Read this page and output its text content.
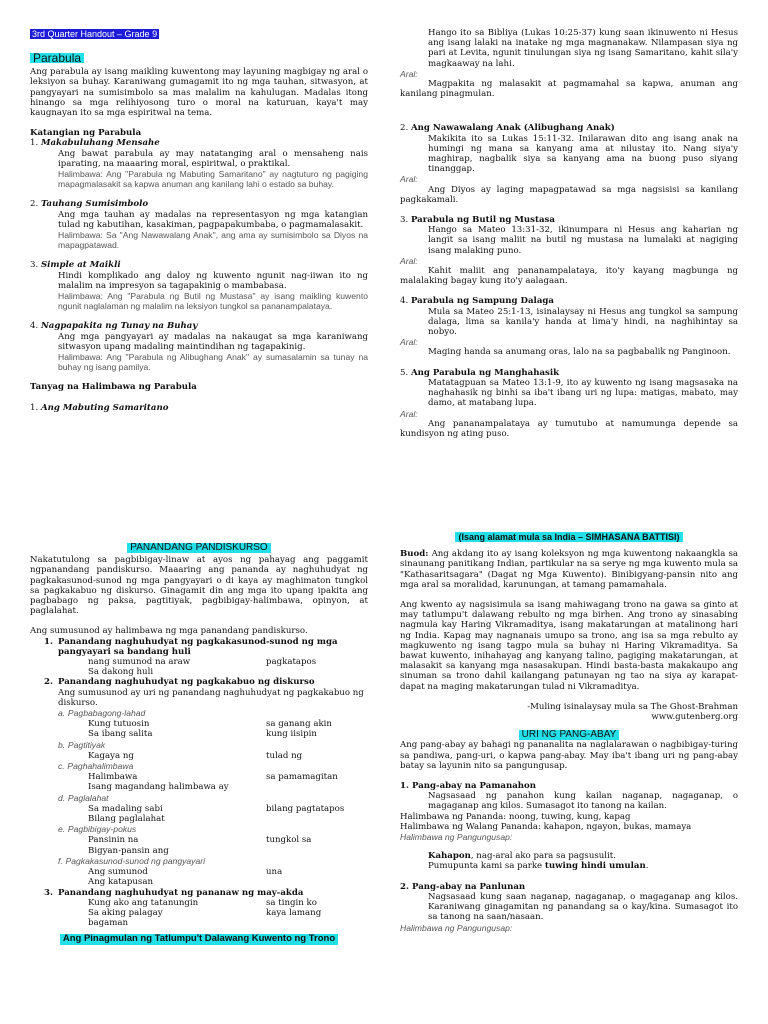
3rd Quarter Handout – Grade 9
Parabula

Ang parabula ay isang maikling kuwentong may layuning magbigay ng aral o leksiyon sa buhay. Karaniwang gumagamit ito ng mga tauhan, sitwasyon, at pangyayari na sumisimbolo sa mas malalim na kahulugan. Madalas itong hinango sa mga relihiyosong turo o moral na katuruan, kaya't may kaugnayan ito sa mga espiritwal na tema.

Katangian ng Parabula

1. Makabuluhang Mensahe

Ang bawat parabula ay may natatanging aral o mensaheng nais iparating, na maaaring moral, espiritwal, o praktikal.

Halimbawa: Ang "Parabula ng Mabuting Samaritano" ay nagtuturo ng pagiging mapagmalasakit sa kapwa anuman ang kanilang lahi o estado sa buhay.

2. Tauhang Sumisimbolo

Ang mga tauhan ay madalas na representasyon ng mga katangian tulad ng kabutihan, kasakiman, pagpapakumbaba, o pagmamalasakit.

Halimbawa: Sa "Ang Nawawalang Anak", ang ama ay sumisimbolo sa Diyos na mapagpatawad.

3. Simple at Maikli

Hindi komplikado ang daloy ng kuwento ngunit nag-iiwan ito ng malalim na impresyon sa tagapakinig o mambabasa.

Halimbawa: Ang "Parabula ng Butil ng Mustasa" ay isang maikling kuwento ngunit naglalaman ng malalim na leksiyon tungkol sa pananampalataya.

4. Nagpapakita ng Tunay na Buhay

Ang mga pangyayari ay madalas na nakaugat sa mga karaniwang sitwasyon upang madaling maintindihan ng tagapakinig.

Halimbawa: Ang "Parabula ng Alibughang Anak" ay sumasalamin sa tunay na buhay ng isang pamilya.

Tanyag na Halimbawa ng Parabula

1. Ang Mabuting Samaritano

Hango ito sa Bibliya (Lukas 10:25-37) kung saan ikinuwento ni Hesus ang isang lalaki na inatake ng mga magnanakaw. Nilampasan siya ng pari at Levita, ngunit tinulungan siya ng isang Samaritano, kahit sila'y magkaaway na lahi.

Aral:

Magpakita ng malasakit at pagmamahal sa kapwa, anuman ang kanilang pinagmulan.

2. Ang Nawawalang Anak (Alibughang Anak)

Makikita ito sa Lukas 15:11-32. Inilarawan dito ang isang anak na humingi ng mana sa kanyang ama at nilustay ito. Nang siya'y maghirap, nagbalik siya sa kanyang ama na buong puso siyang tinanggap.

Aral:

Ang Diyos ay laging mapagpatawad sa mga nagsisisi sa kanilang pagkakamali.

3. Parabula ng Butil ng Mustasa

Hango sa Mateo 13:31-32, ikinumpara ni Hesus ang kaharian ng langit sa isang maliit na butil ng mustasa na lumalaki at nagiging isang malaking puno.

Aral:

Kahit maliit ang pananampalataya, ito'y kayang magbunga ng malalaking bagay kung ito'y aalagaan.

4. Parabula ng Sampung Dalaga

Mula sa Mateo 25:1-13, isinalaysay ni Hesus ang tungkol sa sampung dalaga, lima sa kanila'y handa at lima'y hindi, na naghihintay sa nobyo.

Aral:

Maging handa sa anumang oras, lalo na sa pagbabalik ng Panginoon.

5. Ang Parabula ng Manghahasik

Matatagpuan sa Mateo 13:1-9, ito ay kuwento ng isang magsasaka na naghahasik ng binhi sa iba't ibang uri ng lupa: matigas, mabato, may damo, at matabang lupa.

Aral:

Ang pananampalataya ay tumutubo at namumunga depende sa kundisyon ng ating puso.

PANANDANG PANDISKURSO

Nakatutulong sa pagbibigay-linaw at ayos ng pahayag ang paggamit ngpanandang pandiskurso. Maaaring ang pananda ay naghuhudyat ng pagkakasunod-sunod ng mga pangyayari o di kaya ay maghimaton tungkol sa pagkakabuo ng diskurso. Ginagamit din ang mga ito upang ipakita ang pagbabago ng paksa, pagtitiyak, pagbibigay-halimbawa, opinyon, at paglalahat.

Ang sumusunod ay halimbawa ng mga panandang pandiskurso.

1. Panandang naghuhudyat ng pagkakasunod-sunod ng mga pangyayari sa bandang huli
nang sumunod na araw	pagkatapos
Sa dakong huli
2. Panandang naghuhudyat ng pagkakabuo ng diskurso

Ang sumusunod ay uri ng panandang naghuhudyat ng pagkakabuo ng diskurso.

a. Pagbabagong-lahad

Kung tutuosin	sa ganang akin
Sa ibang salita	kung iisipin

b. Pagtitiyak

Kagaya ng	tulad ng

c. Paghahalimbawa

Halimbawa	sa pamamagitan
Isang magandang halimbawa ay

d. Paglalahat

Sa madaling sabi	bilang pagtatapos
Bilang paglalahat

e. Pagbibigay-pokus

Pansinin na	tungkol sa
Bigyan-pansin ang

f. Pagkakasunod-sunod ng pangyayari

Ang sumunod	una
Ang katapusan
3. Panandang naghuhudyat ng pananaw ng may-akda
Kung ako ang tatanungin	sa tingin ko
Sa aking palagay	kaya lamang
bagaman
Ang Pinagmulan ng Tatlumpu't Dalawang Kuwento ng Trono
(Isang alamat mula sa India – SIMHASANA BATTISI)

Buod: Ang akdang ito ay isang koleksyon ng mga kuwentong nakaangkla sa sinaunang panitikang Indian, partikular na sa serye ng mga kuwento mula sa "Kathasaritsagara" (Dagat ng Mga Kuwento). Binibigyang-pansin nito ang mga aral sa moralidad, karunungan, at tamang pamamahala.

Ang kwento ay nagsisimula sa isang mahiwagang trono na gawa sa ginto at may tatlumpu't dalawang rebulto ng mga birhen. Ang trono ay sinasabing nagmula kay Haring Vikramaditya, isang makatarungan at matalinong hari ng India. Kapag may nagnanais umupo sa trono, ang isa sa mga rebulto ay magkuwento ng isang tagpo mula sa buhay ni Haring Vikramaditya. Sa bawat kuwento, inihahayag ang kanyang talino, pagiging makatarungan, at malasakit sa kanyang mga nasasakupan. Hindi basta-basta makakaupo ang sinuman sa trono dahil kailangang patunayan ng tao na siya ay karapat-dapat na maging makatarungan tulad ni Vikramaditya.

-Muling isinalaysay mula sa The Ghost-Brahman

www.gutenberg.org

URI NG PANG-ABAY

Ang pang-abay ay bahagi ng pananalita na naglalarawan o nagbibigay-turing sa pandiwa, pang-uri, o kapwa pang-abay. May iba't ibang uri ng pang-abay batay sa layunin nito sa pangungusap.

1. Pang-abay na Pamanahon

Nagsasaad ng panahon kung kailan naganap, nagaganap, o magaganap ang kilos. Sumasagot ito tanong na kailan.

Halimbawa ng Pananda: noong, tuwing, kung, kapag

Halimbawa ng Walang Pananda: kahapon, ngayon, bukas, mamaya

Halimbawa ng Pangungusap:

Kahapon, nag-aral ako para sa pagsusulit.

Pumupunta kami sa parke tuwing hindi umulan.

2. Pang-abay na Panlunan

Nagsasaad kung saan naganap, nagaganap, o magaganap ang kilos. Karaniwang ginagamitan ng panandang sa o kay/kina. Sumasagot ito sa tanong na saan/nasaan.

Halimbawa ng Pangungusap:
